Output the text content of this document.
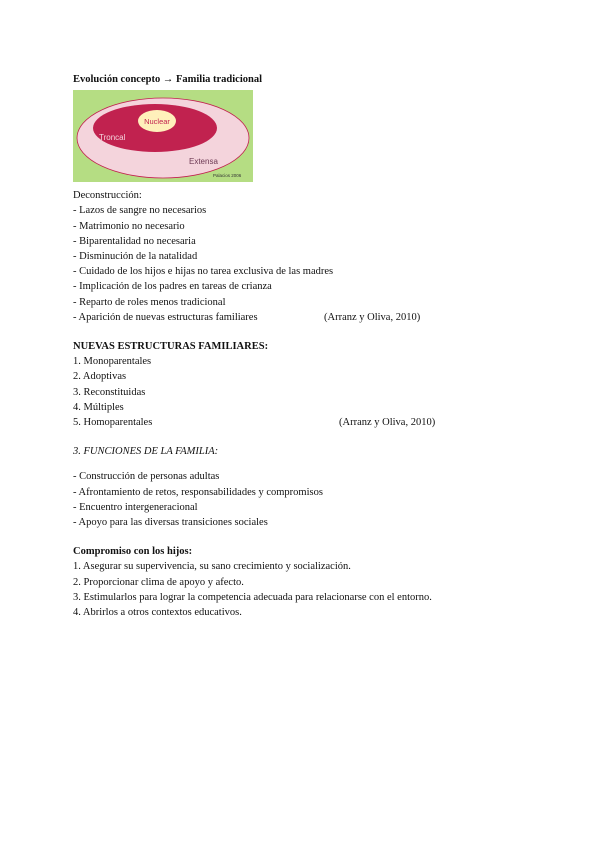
Evolución concepto → Familia tradicional
Nuclear
Troncal
Extensa
Palacios 2006
Deconstrucción:
- Lazos de sangre no necesarios
- Matrimonio no necesario
- Biparentalidad no necesaria
- Disminución de la natalidad
- Cuidado de los hijos e hijas no tarea exclusiva de las madres
- Implicación de los padres en tareas de crianza
- Reparto de roles menos tradicional
- Aparición de nuevas estructuras familiares	(Arranz y Oliva, 2010)
NUEVAS ESTRUCTURAS FAMILIARES:
1. Monoparentales
2. Adoptivas
3. Reconstituidas
4. Múltiples
5. Homoparentales	(Arranz y Oliva, 2010)
3. FUNCIONES DE LA FAMILIA:
- Construcción de personas adultas
- Afrontamiento de retos, responsabilidades y compromisos
- Encuentro intergeneracional
- Apoyo para las diversas transiciones sociales
Compromiso con los hijos:
1. Asegurar su supervivencia, su sano crecimiento y socialización.
2. Proporcionar clima de apoyo y afecto.
3. Estimularlos para lograr la competencia adecuada para relacionarse con el entorno.
4. Abrirlos a otros contextos educativos.
